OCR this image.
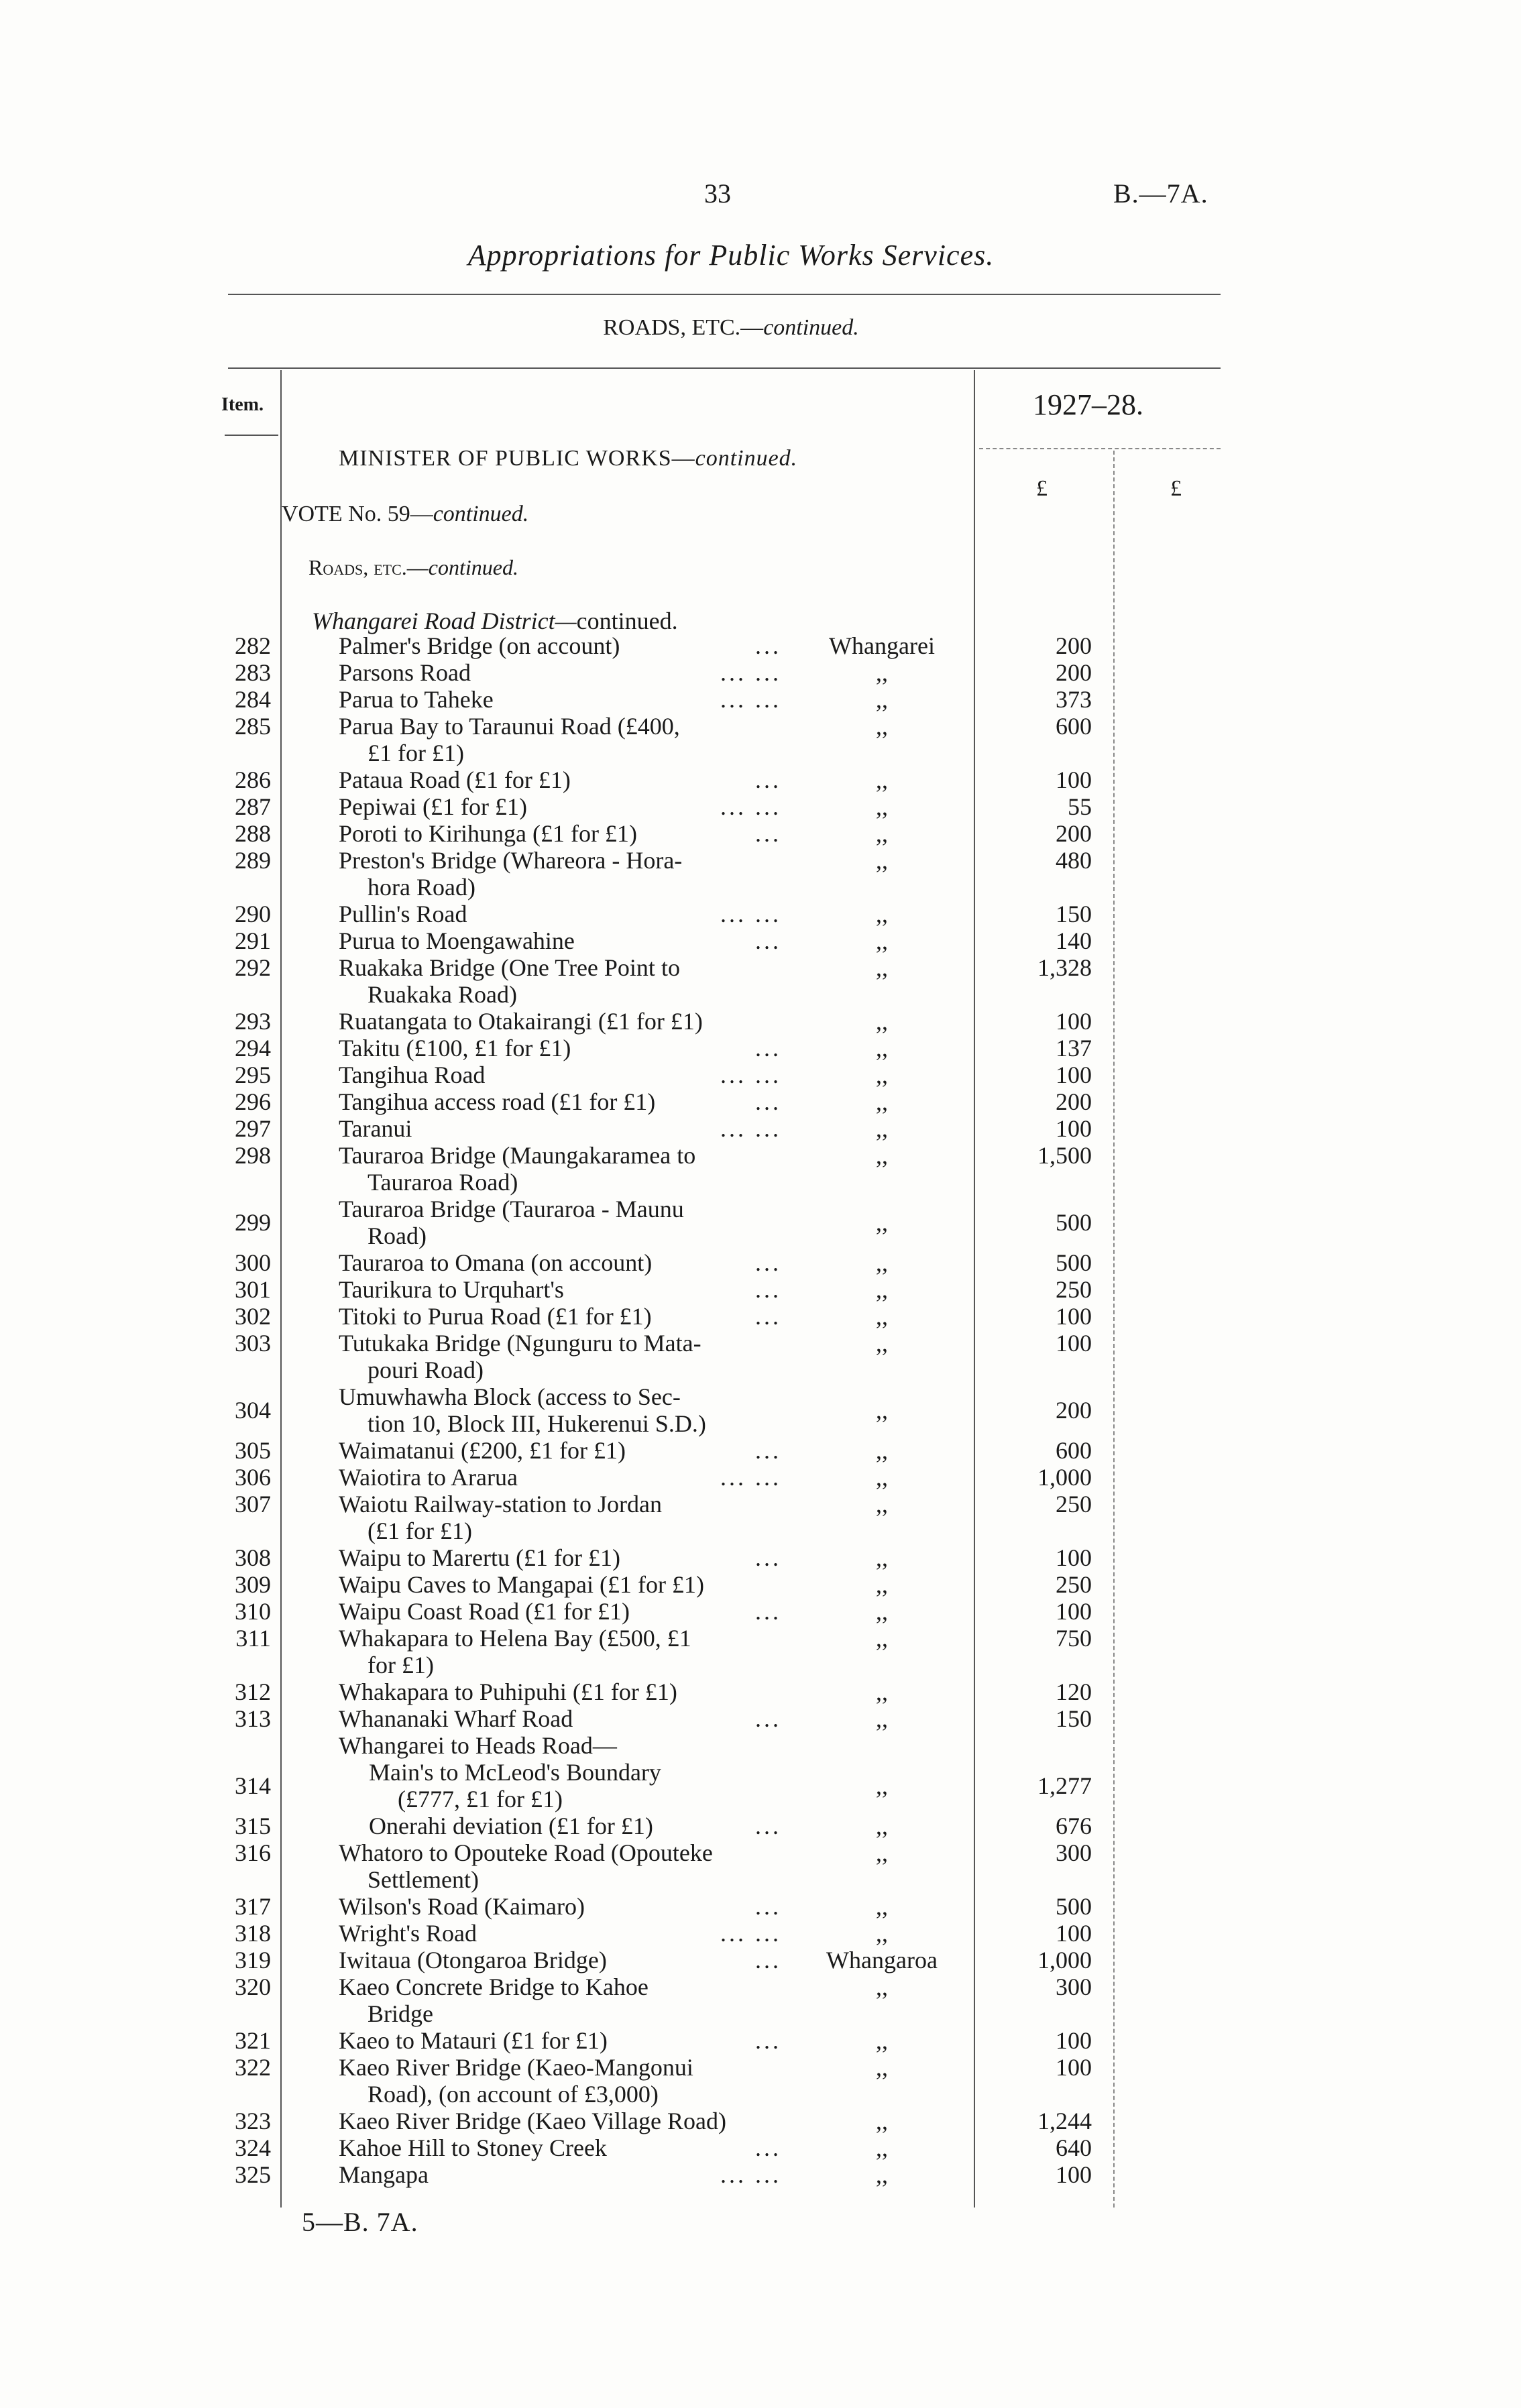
33	B.—7A.
Appropriations for Public Works Services.
ROADS, ETC.—continued.
Item.	1927–28.
£	£
MINISTER OF PUBLIC WORKS—continued.
VOTE No. 59—continued.
Roads, etc.—continued.
Whangarei Road District—continued.
282	Palmer's Bridge (on account)	...	Whangarei	200
283	Parsons Road	... ...	,,	200
284	Parua to Taheke	... ...	,,	373
285	Parua Bay to Taraunui Road (£400,
£1 for £1)
,,	600
286	Pataua Road (£1 for £1)	...	,,	100
287	Pepiwai (£1 for £1)	... ...	,,	55
288	Poroti to Kirihunga (£1 for £1)	...	,,	200
289	Preston's Bridge (Whareora - Hora-
hora Road)
,,	480
290	Pullin's Road	... ...	,,	150
291	Purua to Moengawahine	...	,,	140
292	Ruakaka Bridge (One Tree Point to
Ruakaka Road)
,,	1,328
293	Ruatangata to Otakairangi (£1 for £1)	,,	100
294	Takitu (£100, £1 for £1)	...	,,	137
295	Tangihua Road	... ...	,,	100
296	Tangihua access road (£1 for £1)	...	,,	200
297	Taranui	... ...	,,	100
298	Tauraroa Bridge (Maungakaramea to
Tauraroa Road)
,,	1,500
299	Tauraroa Bridge (Tauraroa - Maunu
Road)	,,	500
300	Tauraroa to Omana (on account)	...	,,	500
301	Taurikura to Urquhart's	...	,,	250
302	Titoki to Purua Road (£1 for £1)	...	,,	100
303	Tutukaka Bridge (Ngunguru to Mata-
pouri Road)
,,	100
304	Umuwhawha Block (access to Sec-
tion 10, Block III, Hukerenui S.D.)	,,	200
305	Waimatanui (£200, £1 for £1)	...	,,	600
306	Waiotira to Ararua	... ...	,,	1,000
307	Waiotu Railway-station to Jordan
(£1 for £1)
,,	250
308	Waipu to Marertu (£1 for £1)	...	,,	100
309	Waipu Caves to Mangapai (£1 for £1)	,,	250
310	Waipu Coast Road (£1 for £1)	...	,,	100
311	Whakapara to Helena Bay (£500, £1
for £1)
,,	750
312	Whakapara to Puhipuhi (£1 for £1)	,,	120
313	Whananaki Wharf Road	...	,,	150
Whangarei to Heads Road—
314	Main's to McLeod's Boundary
(£777, £1 for £1)	,,	1,277
315	Onerahi deviation (£1 for £1)	...	,,	676
316	Whatoro to Opouteke Road (Opouteke
Settlement)
,,	300
317	Wilson's Road (Kaimaro)	...	,,	500
318	Wright's Road	... ...	,,	100
319	Iwitaua (Otongaroa Bridge)	...	Whangaroa	1,000
320	Kaeo Concrete Bridge to Kahoe
Bridge
,,	300
321	Kaeo to Matauri (£1 for £1)	...	,,	100
322	Kaeo River Bridge (Kaeo-Mangonui
Road), (on account of £3,000)
,,	100
323	Kaeo River Bridge (Kaeo Village Road)	,,	1,244
324	Kahoe Hill to Stoney Creek	...	,,	640
325	Mangapa	... ...	,,	100
5—B. 7A.
